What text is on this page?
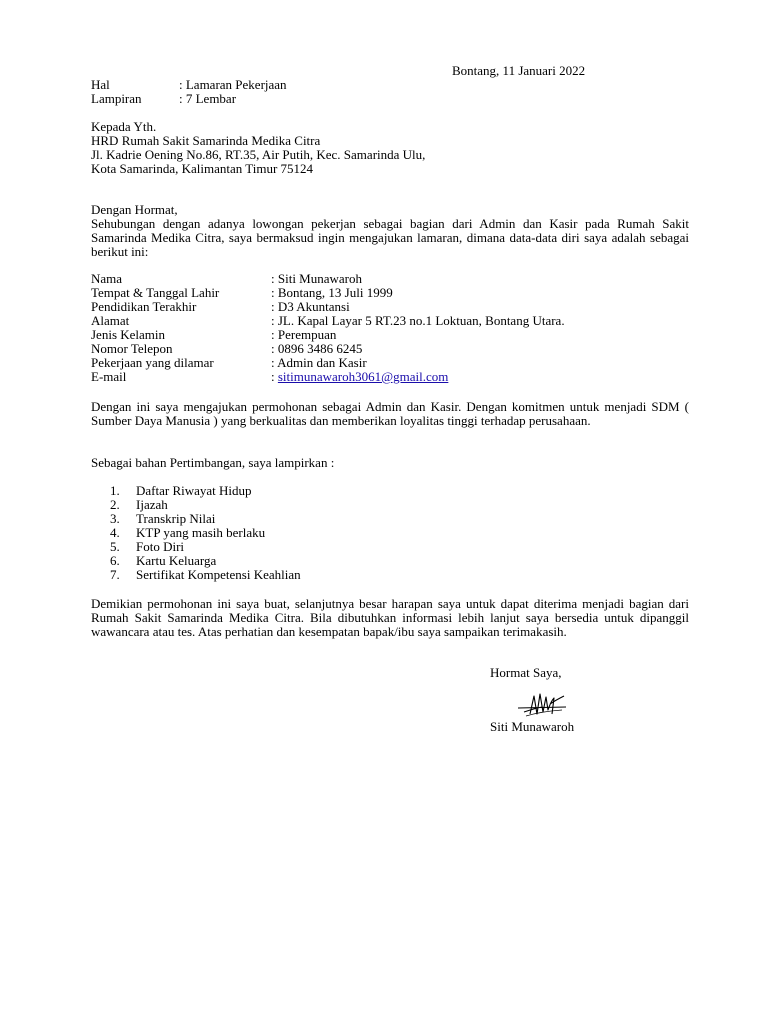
Bontang, 11 Januari 2022
Hal	: Lamaran Pekerjaan
Lampiran	: 7 Lembar
Kepada Yth.
HRD Rumah Sakit Samarinda Medika Citra
Jl. Kadrie Oening No.86, RT.35, Air Putih, Kec. Samarinda Ulu,
Kota Samarinda, Kalimantan Timur 75124
Dengan Hormat,
Sehubungan dengan adanya lowongan pekerjan sebagai bagian dari Admin dan Kasir pada Rumah Sakit Samarinda Medika Citra, saya bermaksud ingin mengajukan lamaran, dimana data-data diri saya adalah sebagai berikut ini:
Nama	: Siti Munawaroh
Tempat & Tanggal Lahir	: Bontang, 13 Juli 1999
Pendidikan Terakhir	: D3 Akuntansi
Alamat	: JL. Kapal Layar 5 RT.23 no.1 Loktuan, Bontang Utara.
Jenis Kelamin	: Perempuan
Nomor Telepon	: 0896 3486 6245
Pekerjaan yang dilamar	: Admin dan Kasir
E-mail	: sitimunawaroh3061@gmail.com
Dengan ini saya mengajukan permohonan sebagai Admin dan Kasir. Dengan komitmen untuk menjadi SDM ( Sumber Daya Manusia ) yang berkualitas dan memberikan loyalitas tinggi terhadap perusahaan.
Sebagai bahan Pertimbangan, saya lampirkan :
1.	Daftar Riwayat Hidup
2.	Ijazah
3.	Transkrip Nilai
4.	KTP yang masih berlaku
5.	Foto Diri
6.	Kartu Keluarga
7.	Sertifikat Kompetensi Keahlian
Demikian permohonan ini saya buat, selanjutnya besar harapan saya untuk dapat diterima menjadi bagian dari Rumah Sakit Samarinda Medika Citra. Bila dibutuhkan informasi lebih lanjut saya bersedia untuk dipanggil wawancara atau tes. Atas perhatian dan kesempatan bapak/ibu saya sampaikan terimakasih.
Hormat Saya,
Siti Munawaroh
